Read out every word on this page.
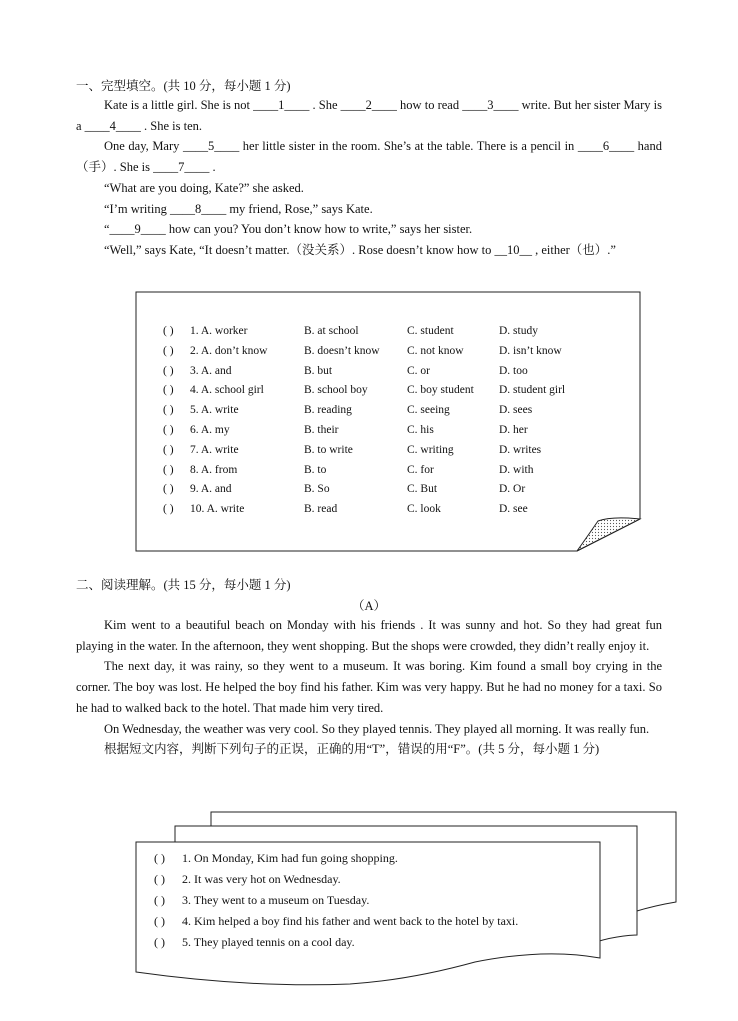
一、完型填空。(共 10 分，每小题 1 分)

Kate is a little girl. She is not ____1____ . She ____2____ how to read ____3____ write. But her sister Mary is a ____4____ . She is ten.

One day, Mary ____5____ her little sister in the room. She’s at the table. There is a pencil in ____6____ hand（手）. She is ____7____ .

“What are you doing, Kate?” she asked.

“I’m writing ____8____ my friend, Rose,” says Kate.

“____9____ how can you? You don’t know how to write,” says her sister.

“Well,” says Kate, “It doesn’t matter.（没关系）. Rose doesn’t know how to __10__ , either（也）.”

( ) 1. A. worker	B. at school	C. student	D. study
( ) 2. A. don’t know	B. doesn’t know C. not know	D. isn’t know
( ) 3. A. and	B. but	C. or	D. too
( ) 4. A. school girl	B. school boy	C. boy student D. student girl
( ) 5. A. write	B. reading	C. seeing	D. sees
( ) 6. A. my	B. their	C. his	D. her
( ) 7. A. write	B. to write	C. writing	D. writes
( ) 8. A. from	B. to	C. for	D. with
( ) 9. A. and	B. So	C. But	D. Or
( ) 10. A. write	B. read	C. look	D. see
二、阅读理解。(共 15 分，每小题 1 分)
（A）

Kim went to a beautiful beach on Monday with his friends . It was sunny and hot. So they had great fun playing in the water. In the afternoon, they went shopping. But the shops were crowded, they didn’t really enjoy it.

The next day, it was rainy, so they went to a museum. It was boring. Kim found a small boy crying in the corner. The boy was lost. He helped the boy find his father. Kim was very happy. But he had no money for a taxi. So he had to walked back to the hotel. That made him very tired.

On Wednesday, the weather was very cool. So they played tennis. They played all morning. It was really fun.

根据短文内容，判断下列句子的正误，正确的用“T”，错误的用“F”。(共 5 分，每小题 1 分)

( ) 1. On Monday, Kim had fun going shopping.
( ) 2. It was very hot on Wednesday.
( ) 3. They went to a museum on Tuesday.
( ) 4. Kim helped a boy find his father and went back to the hotel by taxi.
( ) 5. They played tennis on a cool day.
